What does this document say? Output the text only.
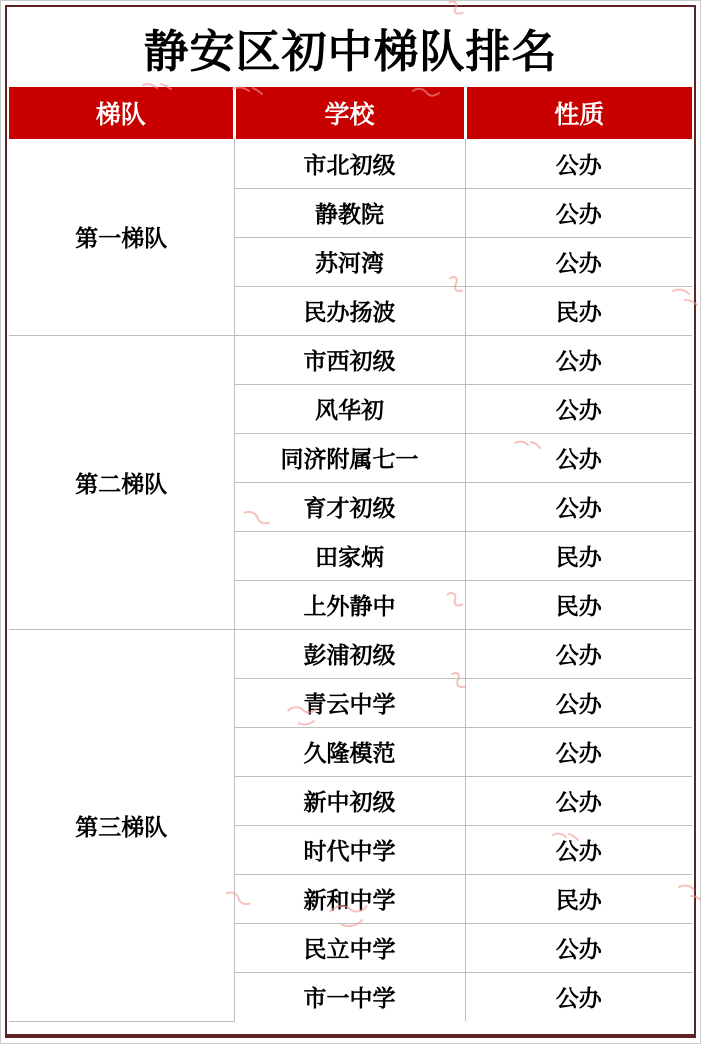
静安区初中梯队排名
梯队	学校	性质
第一梯队	市北初级	公办
	静教院	公办
	苏河湾	公办
	民办扬波	民办
第二梯队	市西初级	公办
	风华初	公办
	同济附属七一	公办
	育才初级	公办
	田家炳	民办
	上外静中	民办
第三梯队	彭浦初级	公办
	青云中学	公办
	久隆模范	公办
	新中初级	公办
	时代中学	公办
	新和中学	民办
	民立中学	公办
	市一中学	公办
